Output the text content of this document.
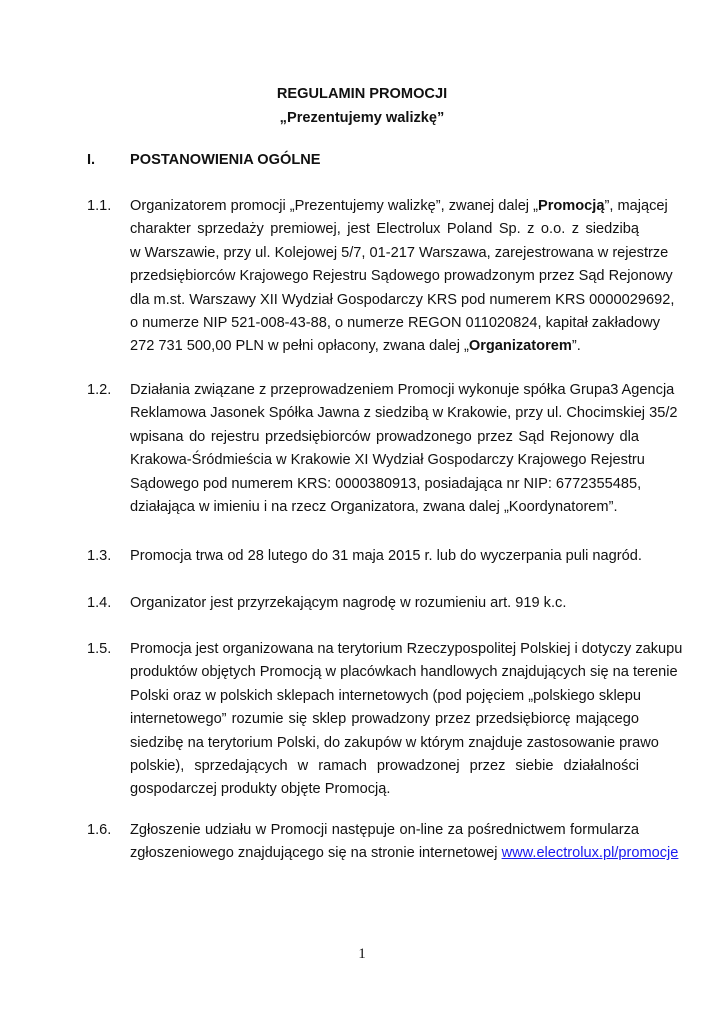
REGULAMIN PROMOCJI
„Prezentujemy walizkę”
I. POSTANOWIENIA OGÓLNE
1.1. Organizatorem promocji „Prezentujemy walizkę”, zwanej dalej „Promocją”, mającej
charakter sprzedaży premiowej, jest Electrolux Poland Sp. z o.o. z siedzibą
w Warszawie, przy ul. Kolejowej 5/7, 01-217 Warszawa, zarejestrowana w rejestrze
przedsiębiorców Krajowego Rejestru Sądowego prowadzonym przez Sąd Rejonowy
dla m.st. Warszawy XII Wydział Gospodarczy KRS pod numerem KRS 0000029692,
o numerze NIP 521-008-43-88, o numerze REGON 011020824, kapitał zakładowy
272 731 500,00 PLN w pełni opłacony, zwana dalej „Organizatorem”.
1.2. Działania związane z przeprowadzeniem Promocji wykonuje spółka Grupa3 Agencja
Reklamowa Jasonek Spółka Jawna z siedzibą w Krakowie, przy ul. Chocimskiej 35/2
wpisana do rejestru przedsiębiorców prowadzonego przez Sąd Rejonowy dla
Krakowa-Śródmieścia w Krakowie XI Wydział Gospodarczy Krajowego Rejestru
Sądowego pod numerem KRS: 0000380913, posiadająca nr NIP: 6772355485,
działająca w imieniu i na rzecz Organizatora, zwana dalej „Koordynatorem”.
1.3. Promocja trwa od 28 lutego do 31 maja 2015 r. lub do wyczerpania puli nagród.
1.4. Organizator jest przyrzekającym nagrodę w rozumieniu art. 919 k.c.
1.5. Promocja jest organizowana na terytorium Rzeczypospolitej Polskiej i dotyczy zakupu
produktów objętych Promocją w placówkach handlowych znajdujących się na terenie
Polski oraz w polskich sklepach internetowych (pod pojęciem „polskiego sklepu
internetowego” rozumie się sklep prowadzony przez przedsiębiorcę mającego
siedzibę na terytorium Polski, do zakupów w którym znajduje zastosowanie prawo
polskie), sprzedających w ramach prowadzonej przez siebie działalności
gospodarczej produkty objęte Promocją.
1.6. Zgłoszenie udziału w Promocji następuje on-line za pośrednictwem formularza
zgłoszeniowego znajdującego się na stronie internetowej www.electrolux.pl/promocje
1
